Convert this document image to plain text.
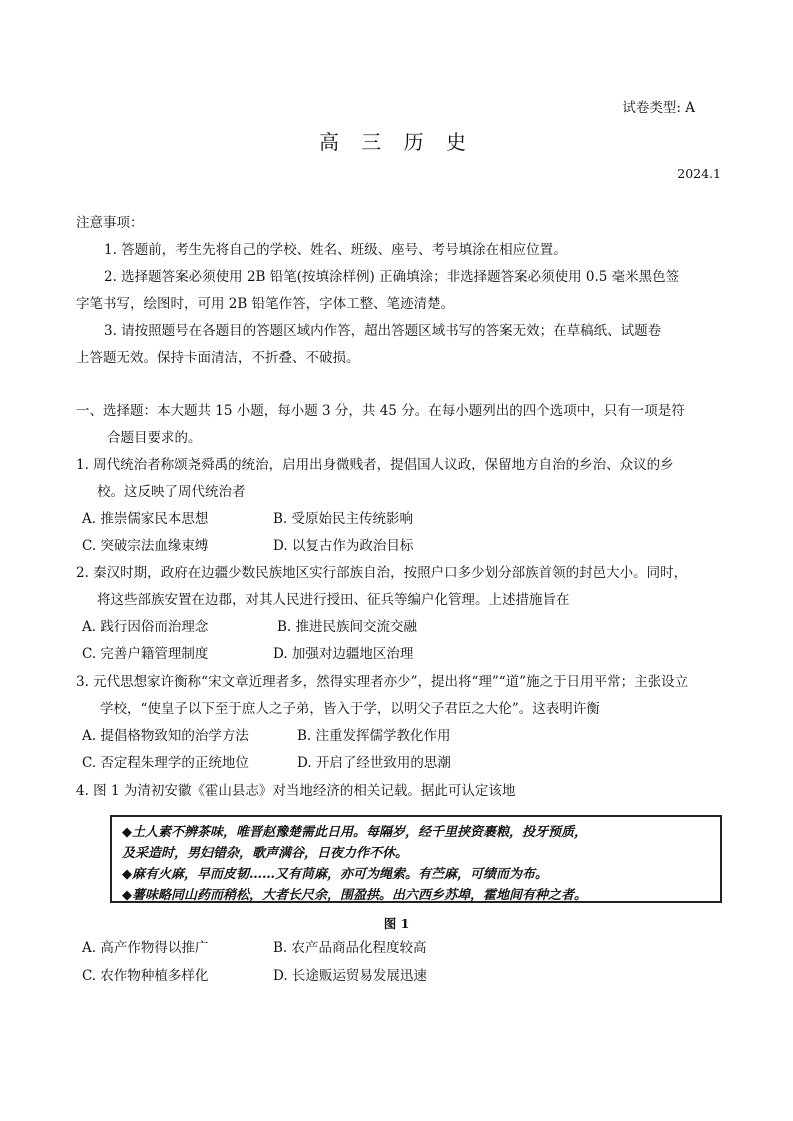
试卷类型: A
高 三 历 史
2024.1
注意事项：
1. 答题前，考生先将自己的学校、姓名、班级、座号、考号填涂在相应位置。
2. 选择题答案必须使用 2B 铅笔(按填涂样例) 正确填涂；非选择题答案必须使用 0.5 毫米黑色签
字笔书写，绘图时，可用 2B 铅笔作答，字体工整、笔迹清楚。
3. 请按照题号在各题目的答题区域内作答，超出答题区域书写的答案无效；在草稿纸、试题卷
上答题无效。保持卡面清洁，不折叠、不破损。
一、选择题：本大题共 15 小题，每小题 3 分，共 45 分。在每小题列出的四个选项中，只有一项是符
合题目要求的。
1. 周代统治者称颂尧舜禹的统治，启用出身微贱者，提倡国人议政，保留地方自治的乡治、众议的乡
校。这反映了周代统治者
A. 推崇儒家民本思想	B. 受原始民主传统影响
C. 突破宗法血缘束缚	D. 以复古作为政治目标
2. 秦汉时期，政府在边疆少数民族地区实行部族自治，按照户口多少划分部族首领的封邑大小。同时，
将这些部族安置在边郡，对其人民进行授田、征兵等编户化管理。上述措施旨在
A. 践行因俗而治理念	B. 推进民族间交流交融
C. 完善户籍管理制度	D. 加强对边疆地区治理
3. 元代思想家许衡称“宋文章近理者多，然得实理者亦少”，提出将“理”“道”施之于日用平常；主张设立
学校，“使皇子以下至于庶人之子弟，皆入于学，以明父子君臣之大伦”。这表明许衡
A. 提倡格物致知的治学方法	B. 注重发挥儒学教化作用
C. 否定程朱理学的正统地位	D. 开启了经世致用的思潮
4. 图 1 为清初安徽《霍山县志》对当地经济的相关记载。据此可认定该地
◆土人素不辨茶味，唯晋赵豫楚需此日用。每隔岁，经千里挟资裹粮，投牙预质，
及采造时，男妇错杂，歌声满谷，日夜力作不休。
◆麻有火麻，早而皮韧……又有苘麻，亦可为绳索。有苎麻，可绩而为布。
◆薯味略同山药而稍松，大者长尺余，围盈拱。出六西乡苏埠，霍地间有种之者。
图 1
A. 高产作物得以推广	B. 农产品商品化程度较高
C. 农作物种植多样化	D. 长途贩运贸易发展迅速
